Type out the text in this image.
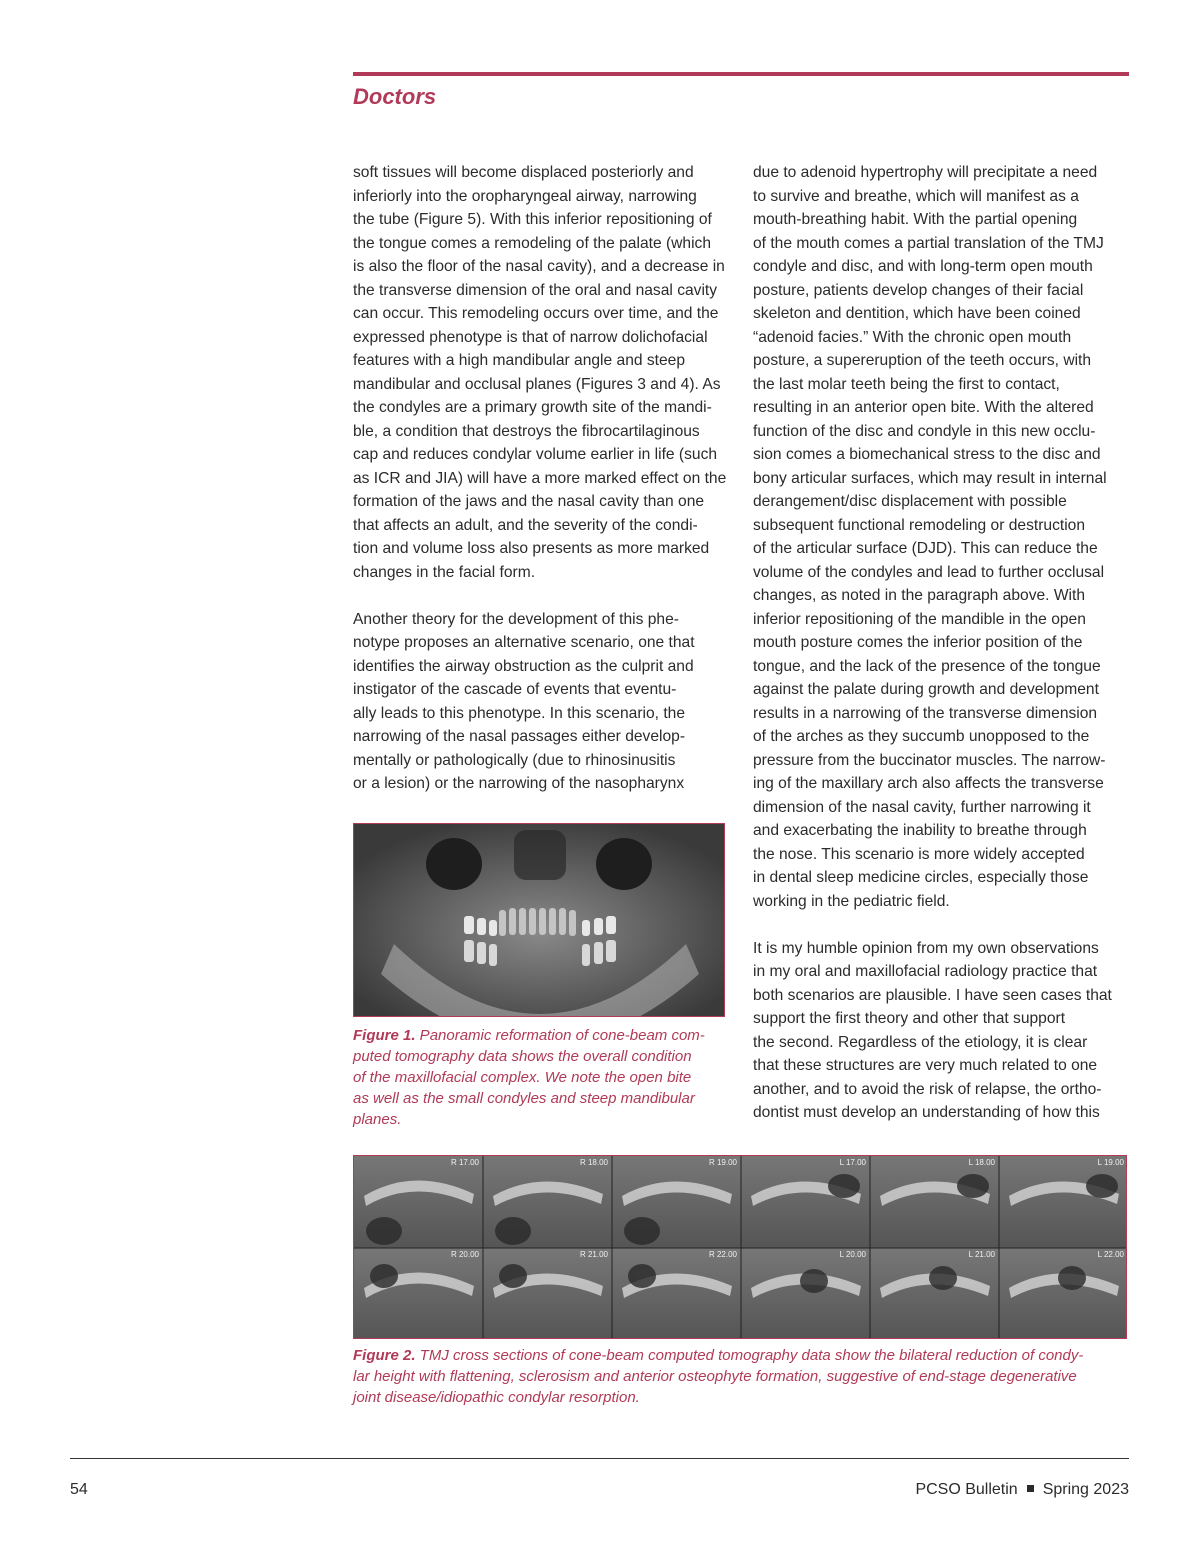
Doctors

soft tissues will become displaced posteriorly and
inferiorly into the oropharyngeal airway, narrowing
the tube (Figure 5). With this inferior repositioning of
the tongue comes a remodeling of the palate (which
is also the floor of the nasal cavity), and a decrease in
the transverse dimension of the oral and nasal cavity
can occur. This remodeling occurs over time, and the
expressed phenotype is that of narrow dolichofacial
features with a high mandibular angle and steep
mandibular and occlusal planes (Figures 3 and 4). As
the condyles are a primary growth site of the mandi-
ble, a condition that destroys the fibrocartilaginous
cap and reduces condylar volume earlier in life (such
as ICR and JIA) will have a more marked effect on the
formation of the jaws and the nasal cavity than one
that affects an adult, and the severity of the condi-
tion and volume loss also presents as more marked
changes in the facial form.

Another theory for the development of this phe-
notype proposes an alternative scenario, one that
identifies the airway obstruction as the culprit and
instigator of the cascade of events that eventu-
ally leads to this phenotype. In this scenario, the
narrowing of the nasal passages either develop-
mentally or pathologically (due to rhinosinusitis
or a lesion) or the narrowing of the nasopharynx

due to adenoid hypertrophy will precipitate a need
to survive and breathe, which will manifest as a
mouth-breathing habit. With the partial opening
of the mouth comes a partial translation of the TMJ
condyle and disc, and with long-term open mouth
posture, patients develop changes of their facial
skeleton and dentition, which have been coined
“adenoid facies.” With the chronic open mouth
posture, a supereruption of the teeth occurs, with
the last molar teeth being the first to contact,
resulting in an anterior open bite. With the altered
function of the disc and condyle in this new occlu-
sion comes a biomechanical stress to the disc and
bony articular surfaces, which may result in internal
derangement/disc displacement with possible
subsequent functional remodeling or destruction
of the articular surface (DJD). This can reduce the
volume of the condyles and lead to further occlusal
changes, as noted in the paragraph above. With
inferior repositioning of the mandible in the open
mouth posture comes the inferior position of the
tongue, and the lack of the presence of the tongue
against the palate during growth and development
results in a narrowing of the transverse dimension
of the arches as they succumb unopposed to the
pressure from the buccinator muscles. The narrow-
ing of the maxillary arch also affects the transverse
dimension of the nasal cavity, further narrowing it
and exacerbating the inability to breathe through
the nose. This scenario is more widely accepted
in dental sleep medicine circles, especially those
working in the pediatric field.

It is my humble opinion from my own observations
in my oral and maxillofacial radiology practice that
both scenarios are plausible. I have seen cases that
support the first theory and other that support
the second. Regardless of the etiology, it is clear
that these structures are very much related to one
another, and to avoid the risk of relapse, the ortho-
dontist must develop an understanding of how this

Figure 1. Panoramic reformation of cone-beam com-
puted tomography data shows the overall condition
of the maxillofacial complex. We note the open bite
as well as the small condyles and steep mandibular
planes.
R 17.00	R 18.00	R 19.00	L 17.00	L 18.00	L 19.00
R 20.00	R 21.00	R 22.00	L 20.00	L 21.00	L 22.00
Figure 2. TMJ cross sections of cone-beam computed tomography data show the bilateral reduction of condy-
lar height with flattening, sclerosism and anterior osteophyte formation, suggestive of end-stage degenerative
joint disease/idiopathic condylar resorption.
54	PCSO Bulletin Spring 2023
